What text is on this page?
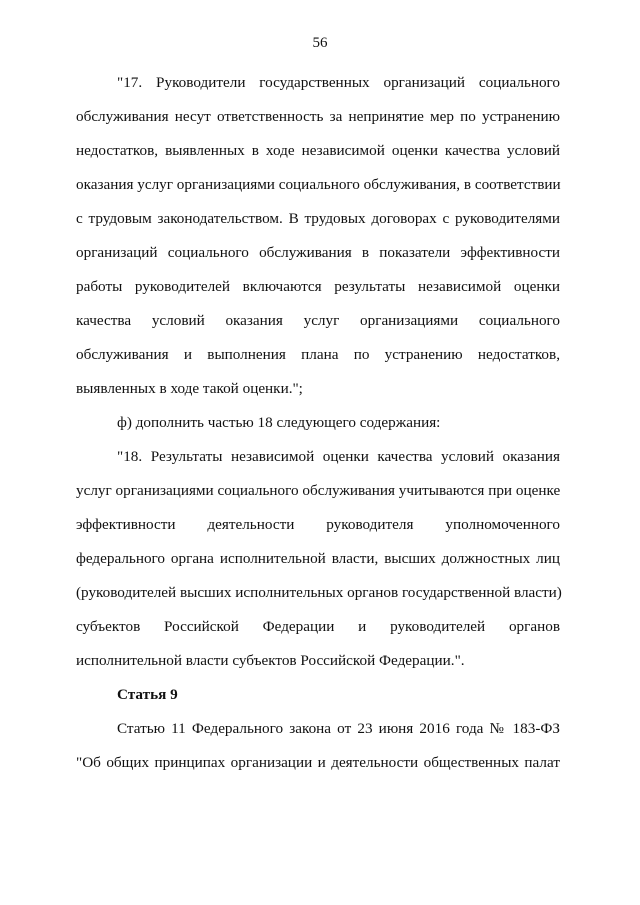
56
"17. Руководители государственных организаций социального
обслуживания несут ответственность за непринятие мер по устранению
недостатков, выявленных в ходе независимой оценки качества условий
оказания услуг организациями социального обслуживания, в соответствии
с трудовым законодательством. В трудовых договорах с руководителями
организаций социального обслуживания в показатели эффективности
работы руководителей включаются результаты независимой оценки
качества условий оказания услуг организациями социального
обслуживания и выполнения плана по устранению недостатков,
выявленных в ходе такой оценки.";
ф) дополнить частью 18 следующего содержания:
"18. Результаты независимой оценки качества условий оказания
услуг организациями социального обслуживания учитываются при оценке
эффективности деятельности руководителя уполномоченного
федерального органа исполнительной власти, высших должностных лиц
(руководителей высших исполнительных органов государственной власти)
субъектов Российской Федерации и руководителей органов
исполнительной власти субъектов Российской Федерации.".
Статья 9
Статью 11 Федерального закона от 23 июня 2016 года № 183-ФЗ
"Об общих принципах организации и деятельности общественных палат
